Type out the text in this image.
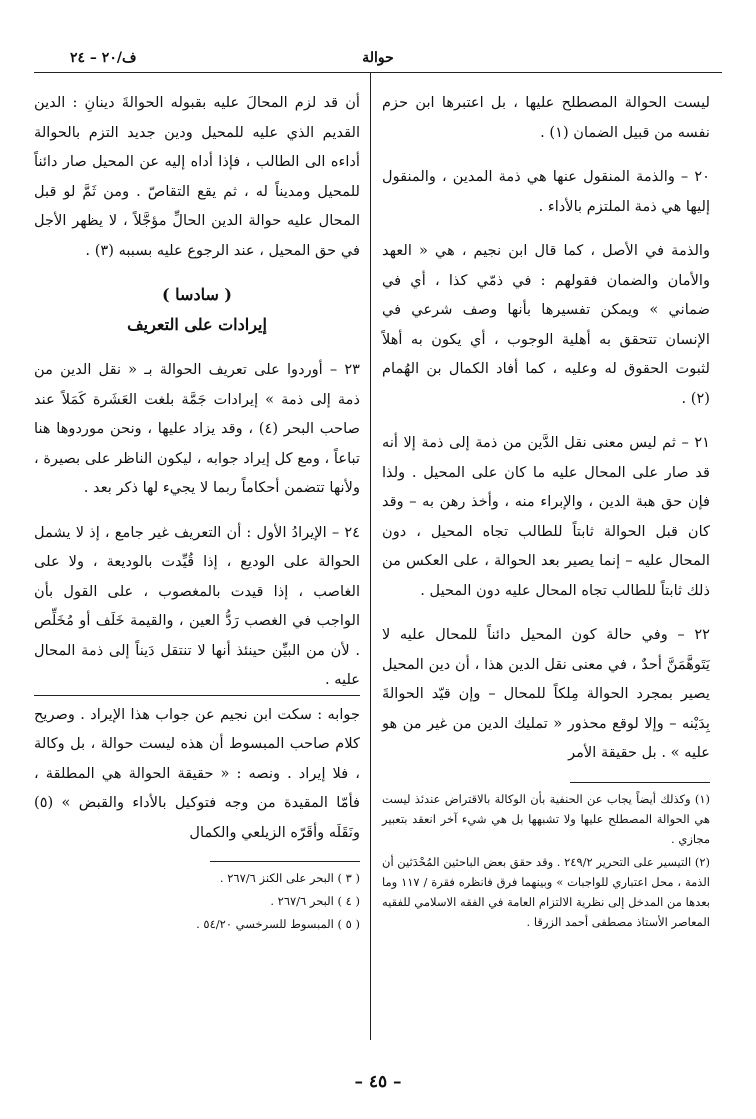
حوالة
ف/٢٠ – ٢٤

ليست الحوالة المصطلح عليها ، بل اعتبرها ابن حزم نفسه من قبيل الضمان (١) .

٢٠ – والذمة المنقول عنها هي ذمة المدين ، والمنقول إليها هي ذمة الملتزم بالأداء .

والذمة في الأصل ، كما قال ابن نجيم ، هي « العهد والأمان والضمان فقولهم : في ذمّي كذا ، أي في ضماني » ويمكن تفسيرها بأنها وصف شرعي في الإنسان تتحقق به أهلية الوجوب ، أي يكون به أهلاً لثبوت الحقوق له وعليه ، كما أفاد الكمال بن الهُمام (٢) .

٢١ – ثم ليس معنى نقل الدَّين من ذمة إلى ذمة إلا أنه قد صار على المحال عليه ما كان على المحيل . ولذا فإن حق هبة الدين ، والإبراء منه ، وأخذ رهن به – وقد كان قبل الحوالة ثابتاً للطالب تجاه المحيل ، دون المحال عليه – إنما يصير بعد الحوالة ، على العكس من ذلك ثابتاً للطالب تجاه المحال عليه دون المحيل .

٢٢ – وفي حالة كون المحيل دائناً للمحال عليه لا يَتَوهَّمَنَّ أحدٌ ، في معنى نقل الدين هذا ، أن دين المحيل يصير بمجرد الحوالة مِلكاً للمحال – وإن قيّد الحوالةَ بِدَيْنه – وإلا لوقع محذور « تمليك الدين من غير من هو عليه » . بل حقيقة الأمر

(١) وكذلك أيضاً يجاب عن الحنفية بأن الوكالة بالاقتراض عندئذ ليست هي الحوالة المصطلح عليها ولا تشبهها بل هي شيء آخر انعقد بتعبير مجازي .

(٢) التيسير على التحرير ٢٤٩/٢ . وقد حقق بعض الباحثين المُحْدَثين أن الذمة ، محل اعتباري للواجبات » وبينهما فرق فانظره فقرة / ١١٧ وما بعدها من المدخل إلى نظرية الالتزام العامة في الفقه الاسلامي للفقيه المعاصر الأستاذ مصطفى أحمد الزرقا .

أن قد لزم المحالَ عليه بقبوله الحوالةَ دينانِ : الدين القديم الذي عليه للمحيل ودين جديد التزم بالحوالة أداءه الى الطالب ، فإذا أداه إليه عن المحيل صار دائناً للمحيل ومديناً له ، ثم يقع التقاصّ . ومن ثَمَّ لو قبل المحال عليه حوالة الدين الحالِّ مؤجَّلاً ، لا يظهر الأجل في حق المحيل ، عند الرجوع عليه بسببه (٣) .

( سادسا )
إيرادات على التعريف

٢٣ – أوردوا على تعريف الحوالة بـ « نقل الدين من ذمة إلى ذمة » إيرادات جَمَّة بلغت العَشَرة كَمَلاً عند صاحب البحر (٤) ، وقد يزاد عليها ، ونحن موردوها هنا تباعاً ، ومع كل إيراد جوابه ، ليكون الناظر على بصيرة ، ولأنها تتضمن أحكاماً ربما لا يجيء لها ذكر بعد .

٢٤ – الإيرادُ الأول : أن التعريف غير جامع ، إذ لا يشمل الحوالة على الوديع ، إذا قُيِّدت بالوديعة ، ولا على الغاصب ، إذا قيدت بالمغصوب ، على القول بأن الواجب في الغصب رَدُّ العين ، والقيمة خَلَف أو مُخَلِّص . لأن من البيِّن حينئذ أنها لا تنتقل دَيناً إلى ذمة المحال عليه .

جوابه : سكت ابن نجيم عن جواب هذا الإيراد . وصريح كلام صاحب المبسوط أن هذه ليست حوالة ، بل وكالة ، فلا إيراد . ونصه : « حقيقة الحوالة هي المطلقة ، فأمّا المقيدة من وجه فتوكيل بالأداء والقبض » (٥) ونَقَلَه وأقَرّه الزيلعي والكمال

( ٣ ) البحر على الكنز ٢٦٧/٦ .

( ٤ ) البحر ٢٦٧/٦ .

( ٥ ) المبسوط للسرخسي ٥٤/٢٠ .

– ٤٥ –
